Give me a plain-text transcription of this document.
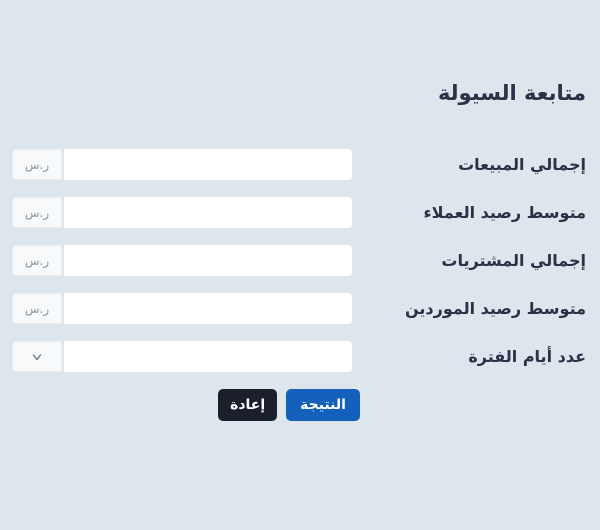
متابعة السيولة
إجمالي المبيعات
ر.س
متوسط رصيد العملاء
ر.س
إجمالي المشتريات
ر.س
متوسط رصيد الموردين
ر.س
عدد أيام الفترة
النتيجة
إعادة
